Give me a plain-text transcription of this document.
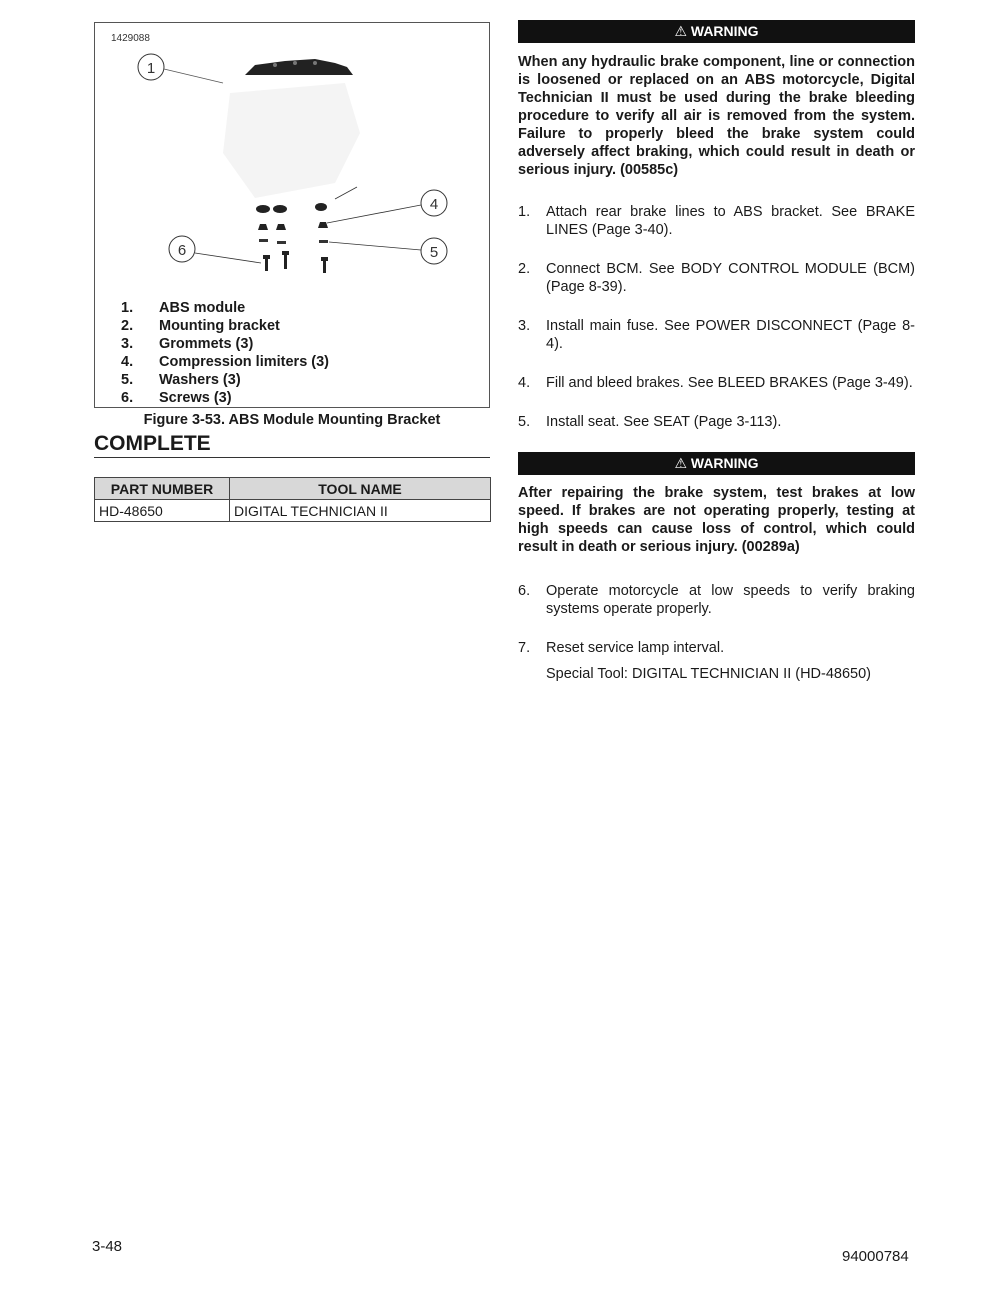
1429088
1
4
5
6
1. ABS module
2. Mounting bracket
3. Grommets (3)
4. Compression limiters (3)
5. Washers (3)
6. Screws (3)
Figure 3-53. ABS Module Mounting Bracket
COMPLETE
PART NUMBER	TOOL NAME
HD-48650	DIGITAL TECHNICIAN II
⚠ WARNING
When any hydraulic brake component, line or connection is loosened or replaced on an ABS motorcycle, Digital Technician II must be used during the brake bleeding procedure to verify all air is removed from the system. Failure to properly bleed the brake system could adversely affect braking, which could result in death or serious injury. (00585c)
1. Attach rear brake lines to ABS bracket. See BRAKE LINES (Page 3-40).
2. Connect BCM. See BODY CONTROL MODULE (BCM) (Page 8-39).
3. Install main fuse. See POWER DISCONNECT (Page 8-4).
4. Fill and bleed brakes. See BLEED BRAKES (Page 3-49).
5. Install seat. See SEAT (Page 3-113).
⚠ WARNING
After repairing the brake system, test brakes at low speed. If brakes are not operating properly, testing at high speeds can cause loss of control, which could result in death or serious injury. (00289a)
6. Operate motorcycle at low speeds to verify braking systems operate properly.
7. Reset service lamp interval.
Special Tool: DIGITAL TECHNICIAN II (HD-48650)
3-48
94000784
